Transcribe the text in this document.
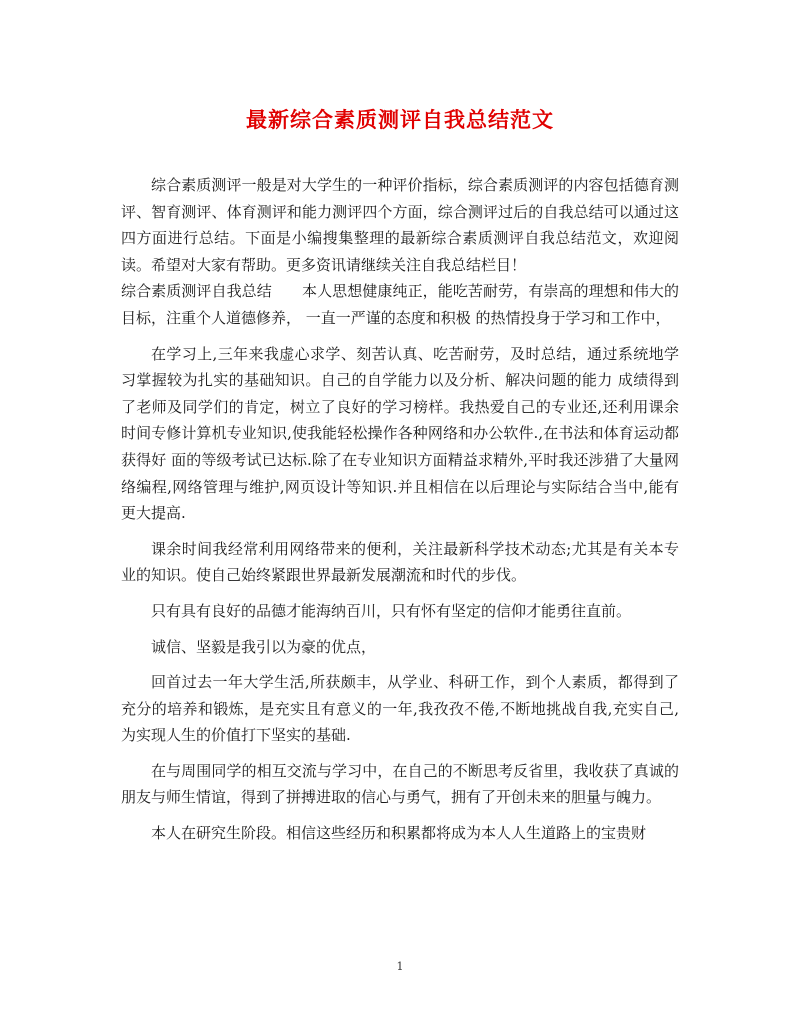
最新综合素质测评自我总结范文

综合素质测评一般是对大学生的一种评价指标，综合素质测评的内容包括德育测评、智育测评、体育测评和能力测评四个方面，综合测评过后的自我总结可以通过这四方面进行总结。下面是小编搜集整理的最新综合素质测评自我总结范文，欢迎阅读。希望对大家有帮助。更多资讯请继续关注自我总结栏目！

综合素质测评自我总结　　本人思想健康纯正，能吃苦耐劳，有崇高的理想和伟大的目标，注重个人道德修养， 一直一严谨的态度和积极 的热情投身于学习和工作中，

在学习上,三年来我虚心求学、刻苦认真、吃苦耐劳，及时总结，通过系统地学习掌握较为扎实的基础知识。自己的自学能力以及分析、解决问题的能力 成绩得到了老师及同学们的肯定，树立了良好的学习榜样。我热爱自己的专业还,还利用课余时间专修计算机专业知识,使我能轻松操作各种网络和办公软件.,在书法和体育运动都获得好 面的等级考试已达标.除了在专业知识方面精益求精外,平时我还涉猎了大量网络编程,网络管理与维护,网页设计等知识.并且相信在以后理论与实际结合当中,能有更大提高.

课余时间我经常利用网络带来的便利，关注最新科学技术动态;尤其是有关本专业的知识。使自己始终紧跟世界最新发展潮流和时代的步伐。

只有具有良好的品德才能海纳百川，只有怀有坚定的信仰才能勇往直前。

诚信、坚毅是我引以为豪的优点，

回首过去一年大学生活,所获颇丰，从学业、科研工作，到个人素质，都得到了充分的培养和锻炼，是充实且有意义的一年,我孜孜不倦,不断地挑战自我,充实自己,为实现人生的价值打下坚实的基础.

在与周围同学的相互交流与学习中，在自己的不断思考反省里，我收获了真诚的朋友与师生情谊，得到了拼搏进取的信心与勇气，拥有了开创未来的胆量与魄力。

本人在研究生阶段。相信这些经历和积累都将成为本人人生道路上的宝贵财

1
